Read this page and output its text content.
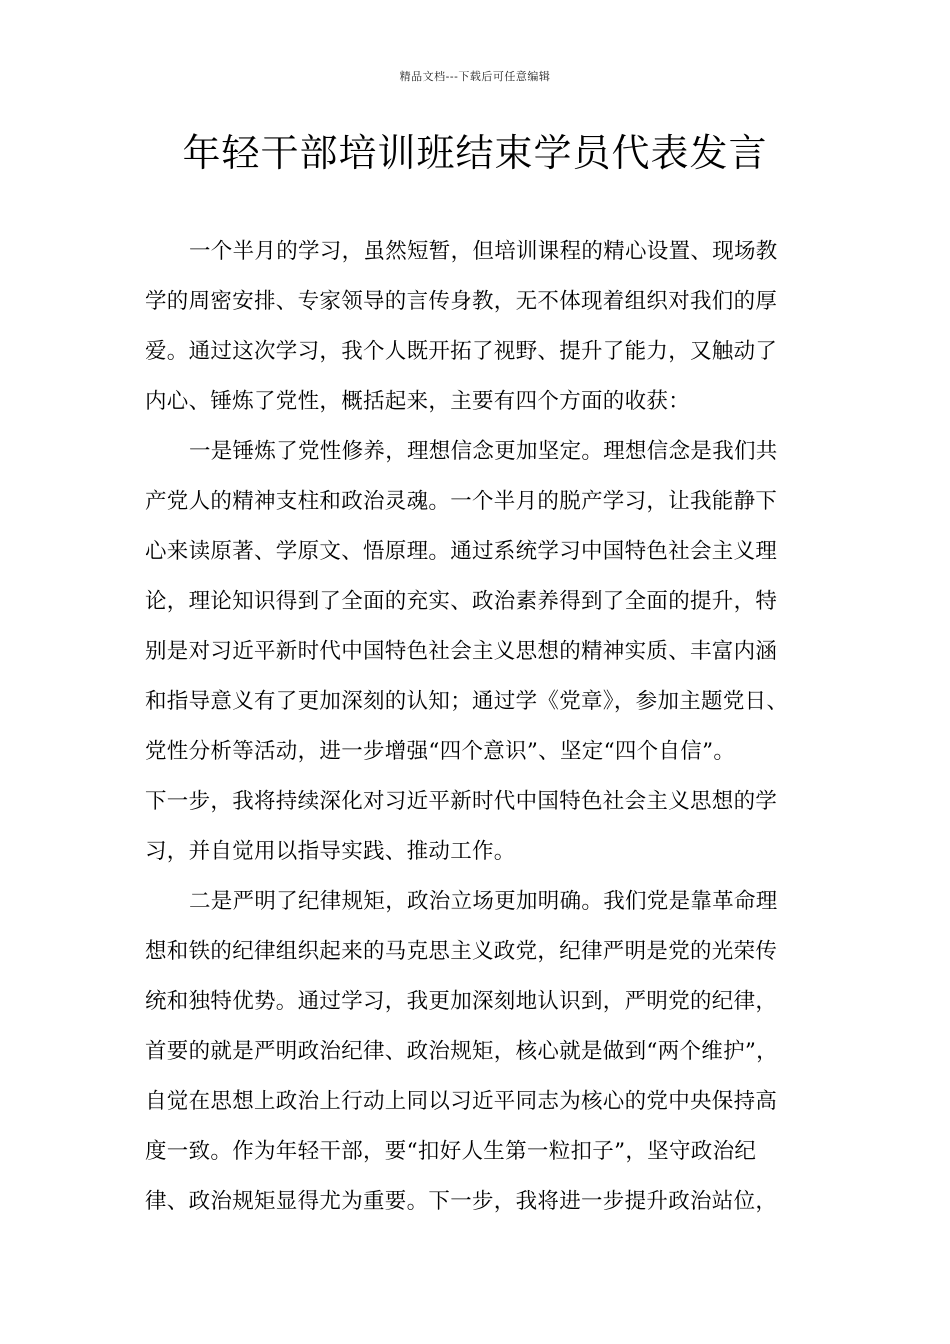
精品文档---下载后可任意编辑
年轻干部培训班结束学员代表发言
一个半月的学习，虽然短暂，但培训课程的精心设置、现场教
学的周密安排、专家领导的言传身教，无不体现着组织对我们的厚
爱。通过这次学习，我个人既开拓了视野、提升了能力，又触动了
内心、锤炼了党性，概括起来，主要有四个方面的收获：
一是锤炼了党性修养，理想信念更加坚定。理想信念是我们共
产党人的精神支柱和政治灵魂。一个半月的脱产学习，让我能静下
心来读原著、学原文、悟原理。通过系统学习中国特色社会主义理
论，理论知识得到了全面的充实、政治素养得到了全面的提升，特
别是对习近平新时代中国特色社会主义思想的精神实质、丰富内涵
和指导意义有了更加深刻的认知；通过学《党章》，参加主题党日、
党性分析等活动，进一步增强“四个意识”、坚定“四个自信”。
下一步，我将持续深化对习近平新时代中国特色社会主义思想的学
习，并自觉用以指导实践、推动工作。
二是严明了纪律规矩，政治立场更加明确。我们党是靠革命理
想和铁的纪律组织起来的马克思主义政党，纪律严明是党的光荣传
统和独特优势。通过学习，我更加深刻地认识到，严明党的纪律，
首要的就是严明政治纪律、政治规矩，核心就是做到“两个维护”，
自觉在思想上政治上行动上同以习近平同志为核心的党中央保持高
度一致。作为年轻干部，要“扣好人生第一粒扣子”，坚守政治纪
律、政治规矩显得尤为重要。下一步，我将进一步提升政治站位，
